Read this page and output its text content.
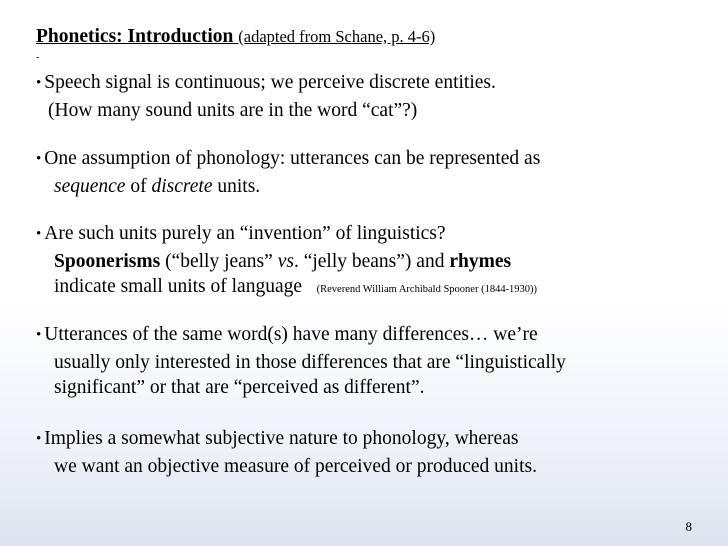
Phonetics: Introduction (adapted from Schane, p. 4-6)
-
• Speech signal is continuous; we perceive discrete entities.
(How many sound units are in the word “cat”?)
• One assumption of phonology: utterances can be represented as
sequence of discrete units.
• Are such units purely an “invention” of linguistics?
Spoonerisms (“belly jeans” vs. “jelly beans”) and rhymes
indicate small units of language (Reverend William Archibald Spooner (1844-1930))
• Utterances of the same word(s) have many differences… we’re
usually only interested in those differences that are “linguistically
significant” or that are “perceived as different”.
• Implies a somewhat subjective nature to phonology, whereas
we want an objective measure of perceived or produced units.
8
